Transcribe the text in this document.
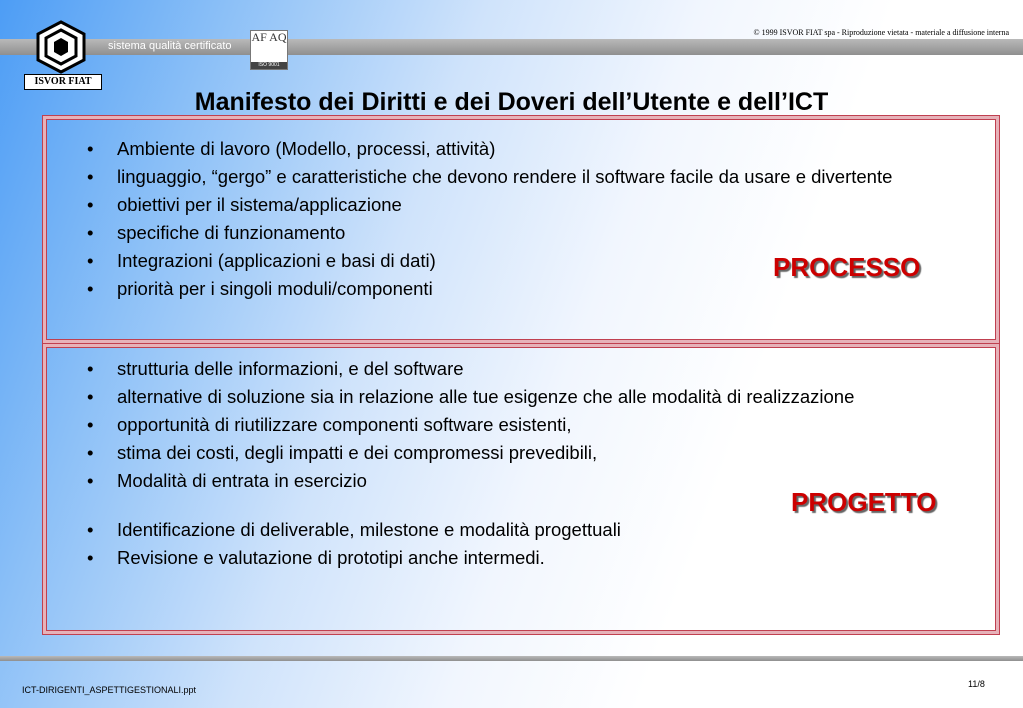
sistema qualità certificato
© 1999 ISVOR FIAT spa - Riproduzione vietata - materiale a diffusione interna
ISVOR FIAT
AF AQ
ISO 9001
Manifesto dei Diritti e dei Doveri dell’Utente e dell’ICT
• Ambiente di lavoro (Modello, processi, attività)
• linguaggio, “gergo” e caratteristiche che devono rendere il software facile da usare e divertente
• obiettivi per il sistema/applicazione
• specifiche di funzionamento
• Integrazioni (applicazioni e basi di dati)
• priorità per i singoli moduli/componenti
PROCESSO
• strutturia delle informazioni, e del software
• alternative di soluzione sia in relazione alle tue esigenze che alle modalità di realizzazione
• opportunità di riutilizzare componenti software esistenti,
• stima dei costi, degli impatti e dei compromessi prevedibili,
• Modalità di entrata in esercizio
• Identificazione di deliverable, milestone e modalità progettuali
• Revisione e valutazione di prototipi anche intermedi.
PROGETTO
ICT-DIRIGENTI_ASPETTIGESTIONALI.ppt
11/8
